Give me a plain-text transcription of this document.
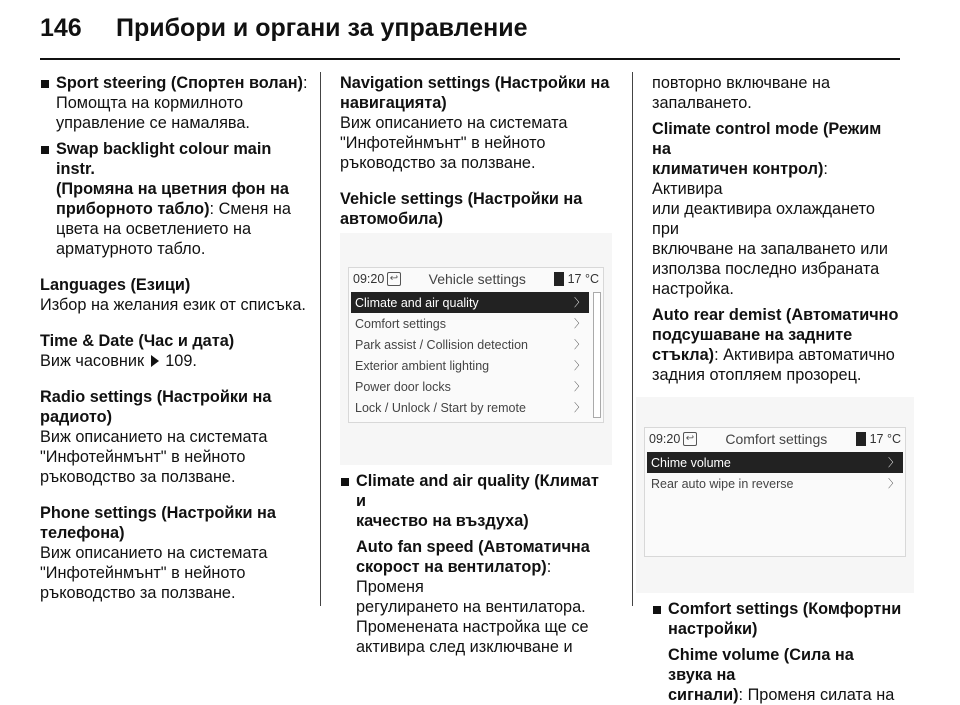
146	Прибори и органи за управление
Sport steering (Спортен волан):
Помощта на кормилното
управление се намалява.
Swap backlight colour main instr.
(Промяна на цветния фон на
приборното табло): Сменя на
цвета на осветлението на
арматурното табло.
Languages (Езици)
Избор на желания език от списъка.
Time & Date (Час и дата)
Виж часовник 109.
Radio settings (Настройки на
радиото)
Виж описанието на системата
"Инфотейнмънт" в нейното
ръководство за ползване.
Phone settings (Настройки на
телефона)
Виж описанието на системата
"Инфотейнмънт" в нейното
ръководство за ползване.
Navigation settings (Настройки на
навигацията)
Виж описанието на системата
"Инфотейнмънт" в нейното
ръководство за ползване.
Vehicle settings (Настройки на
автомобила)
09:20 ↩	Vehicle settings	17 °C
Climate and air quality	〉
Comfort settings	〉
Park assist / Collision detection	〉
Exterior ambient lighting	〉
Power door locks	〉
Lock / Unlock / Start by remote	〉
Climate and air quality (Климат и
качество на въздуха)
Auto fan speed (Автоматична
скорост на вентилатор): Променя
регулирането на вентилатора.
Променената настройка ще се
активира след изключване и
повторно включване на
запалването.
Climate control mode (Режим на
климатичен контрол): Активира
или деактивира охлаждането при
включване на запалването или
използва последно избраната
настройка.
Auto rear demist (Автоматично
подсушаване на задните
стъкла): Активира автоматично
задния отопляем прозорец.
09:20 ↩	Comfort settings	17 °C
Chime volume	〉
Rear auto wipe in reverse	〉
Comfort settings (Комфортни
настройки)
Chime volume (Сила на звука на
сигнали): Променя силата на
